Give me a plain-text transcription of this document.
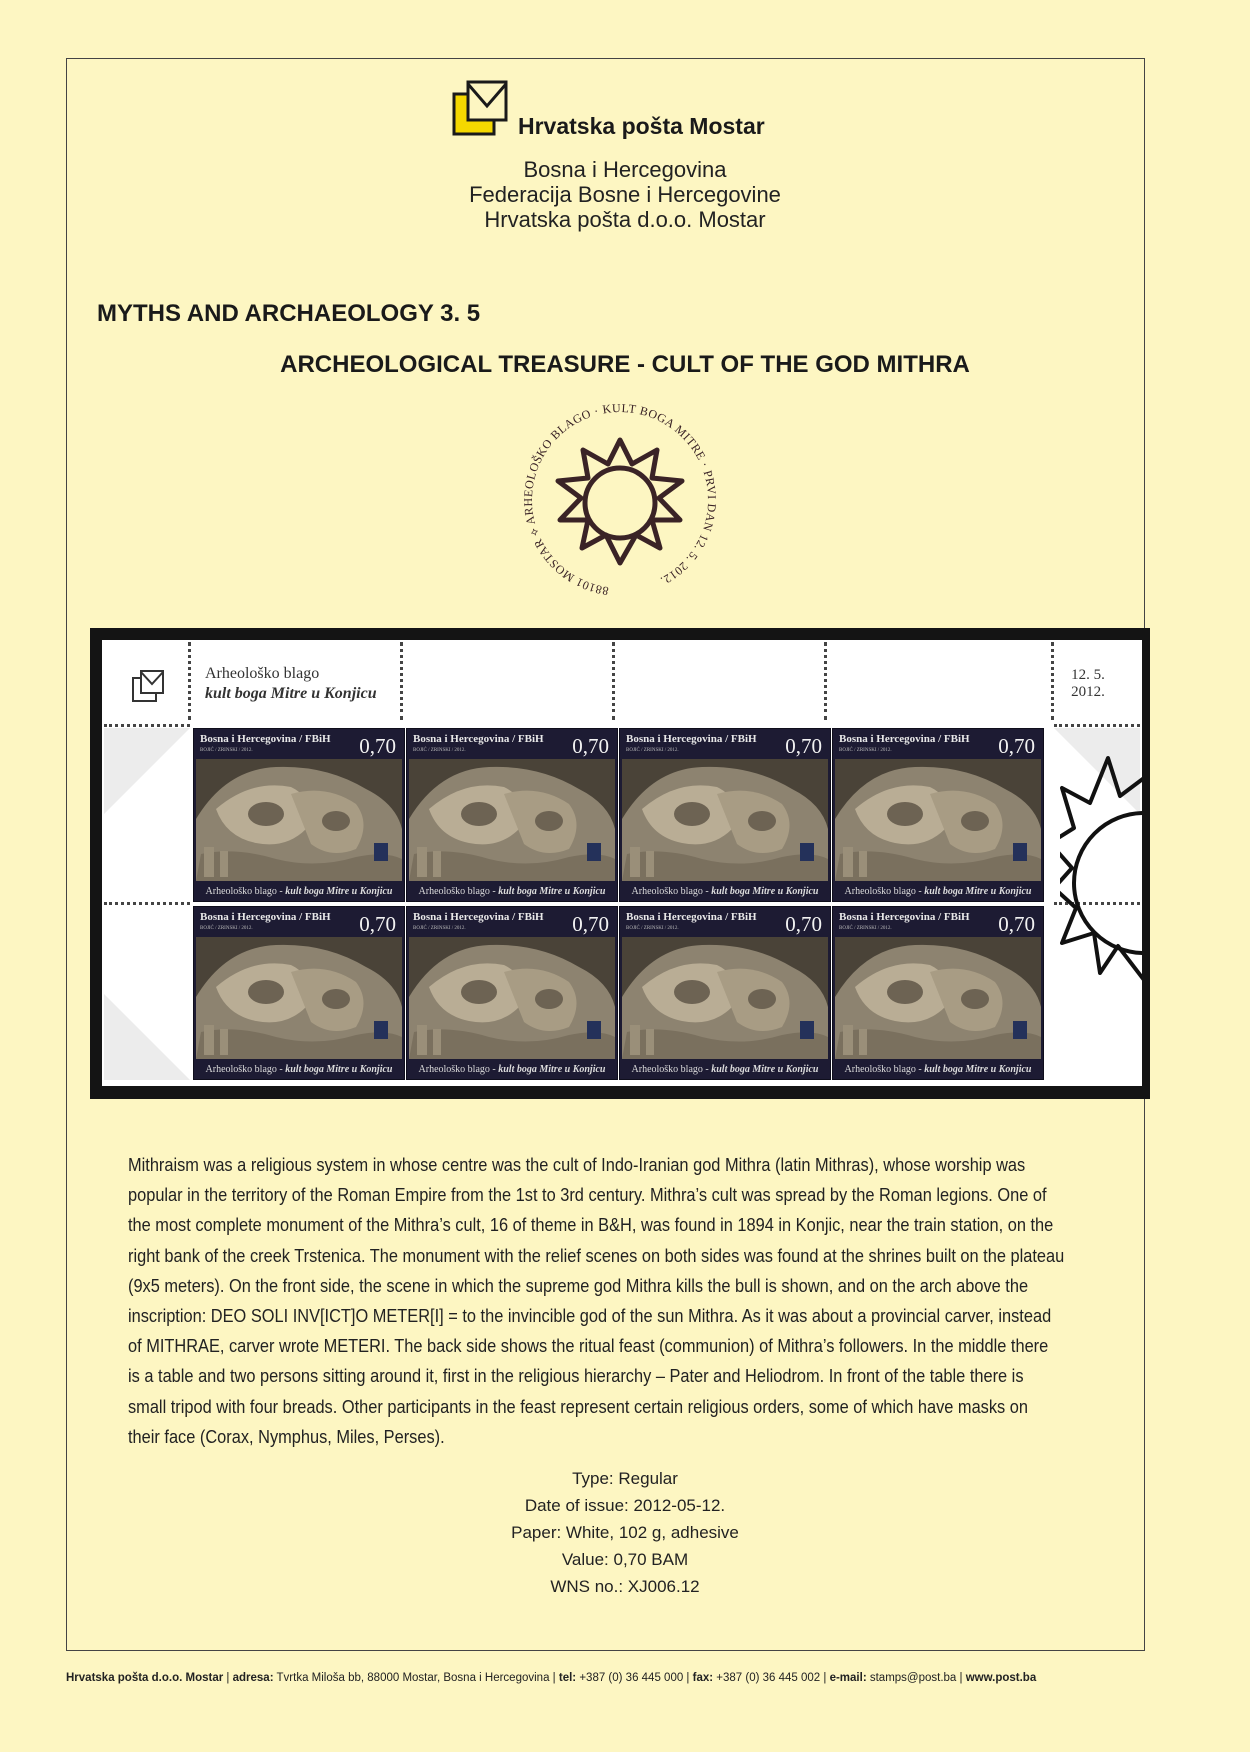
Hrvatska pošta Mostar
Bosna i Hercegovina
Federacija Bosne i Hercegovine
Hrvatska pošta d.o.o. Mostar
MYTHS AND ARCHAEOLOGY 3. 5
ARCHEOLOGICAL TREASURE - CULT OF THE GOD MITHRA
88101 MOSTAR ⟡ ARHEOLOŠKO BLAGO · KULT BOGA MITRE · PRVI DAN 12. 5. 2012.
Arheološko blago
kult boga Mitre u Konjicu
12. 5.
2012.
Bosna i Hercegovina / FBiH
BOJIĆ / ZRINSKI / 2012.	0,70
Arheološko blago - kult boga Mitre u Konjicu
Bosna i Hercegovina / FBiH
BOJIĆ / ZRINSKI / 2012.	0,70
Arheološko blago - kult boga Mitre u Konjicu
Bosna i Hercegovina / FBiH
BOJIĆ / ZRINSKI / 2012.	0,70
Arheološko blago - kult boga Mitre u Konjicu
Bosna i Hercegovina / FBiH
BOJIĆ / ZRINSKI / 2012.	0,70
Arheološko blago - kult boga Mitre u Konjicu
Bosna i Hercegovina / FBiH
BOJIĆ / ZRINSKI / 2012.	0,70
Arheološko blago - kult boga Mitre u Konjicu
Bosna i Hercegovina / FBiH
BOJIĆ / ZRINSKI / 2012.	0,70
Arheološko blago - kult boga Mitre u Konjicu
Bosna i Hercegovina / FBiH
BOJIĆ / ZRINSKI / 2012.	0,70
Arheološko blago - kult boga Mitre u Konjicu
Bosna i Hercegovina / FBiH
BOJIĆ / ZRINSKI / 2012.	0,70
Arheološko blago - kult boga Mitre u Konjicu
Mithraism was a religious system in whose centre was the cult of Indo-Iranian god Mithra (latin Mithras), whose worship was
popular in the territory of the Roman Empire from the 1st to 3rd century. Mithra’s cult was spread by the Roman legions. One of
the most complete monument of the Mithra’s cult, 16 of theme in B&H, was found in 1894 in Konjic, near the train station, on the
right bank of the creek Trstenica. The monument with the relief scenes on both sides was found at the shrines built on the plateau
(9x5 meters). On the front side, the scene in which the supreme god Mithra kills the bull is shown, and on the arch above the
inscription: DEO SOLI INV[ICT]O METER[I] = to the invincible god of the sun Mithra. As it was about a provincial carver, instead
of MITHRAE, carver wrote METERI. The back side shows the ritual feast (communion) of Mithra’s followers. In the middle there
is a table and two persons sitting around it, first in the religious hierarchy – Pater and Heliodrom. In front of the table there is
small tripod with four breads. Other participants in the feast represent certain religious orders, some of which have masks on
their face (Corax, Nymphus, Miles, Perses).
Type: Regular
Date of issue: 2012-05-12.
Paper: White, 102 g, adhesive
Value: 0,70 BAM
WNS no.: XJ006.12
Hrvatska pošta d.o.o. Mostar | adresa: Tvrtka Miloša bb, 88000 Mostar, Bosna i Hercegovina | tel: +387 (0) 36 445 000 | fax: +387 (0) 36 445 002 | e-mail: stamps@post.ba | www.post.ba
